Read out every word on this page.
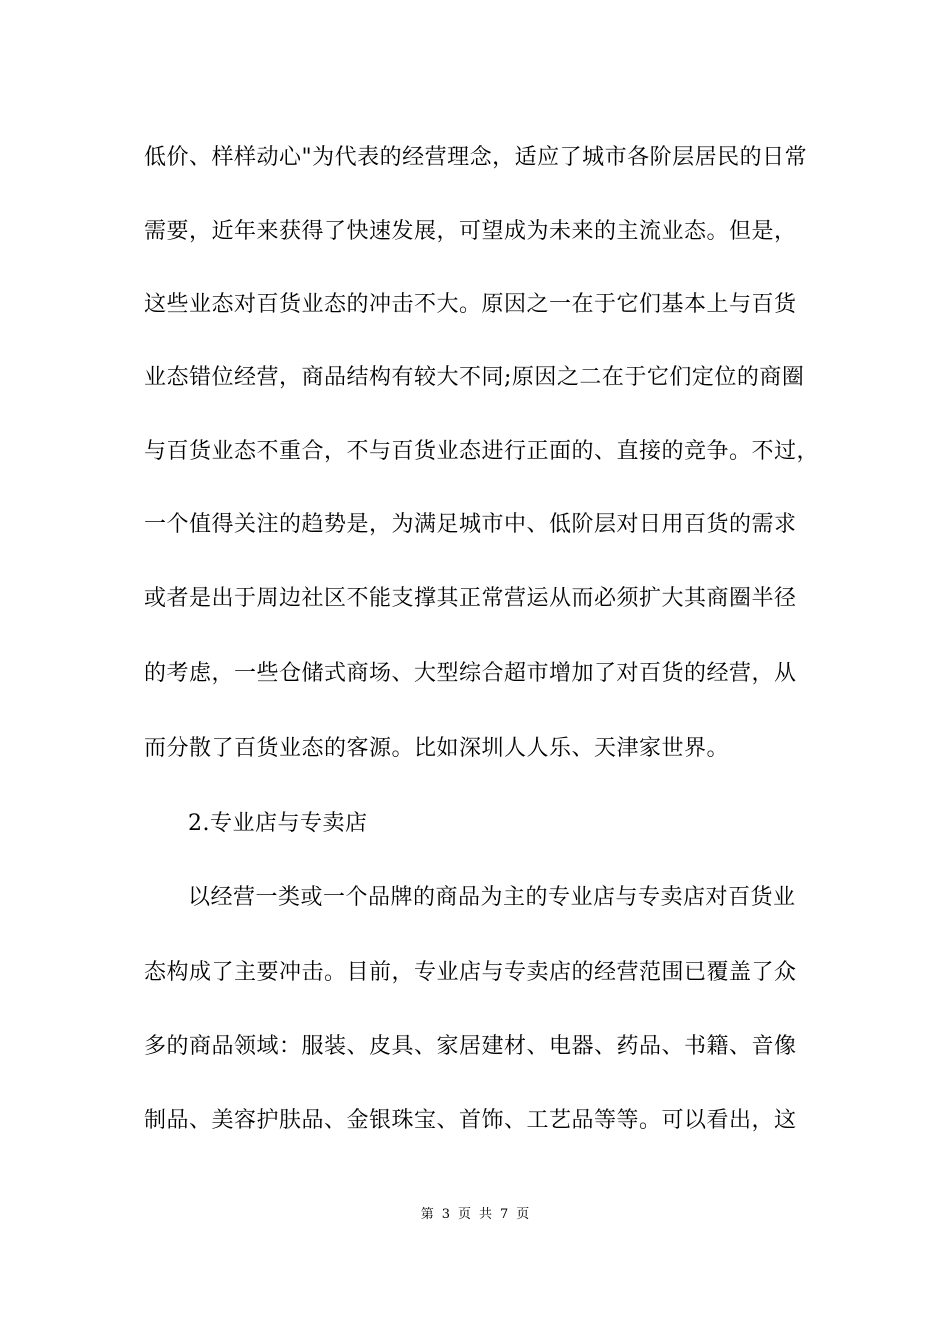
低价、样样动心"为代表的经营理念，适应了城市各阶层居民的日常
需要，近年来获得了快速发展，可望成为未来的主流业态。但是，
这些业态对百货业态的冲击不大。原因之一在于它们基本上与百货
业态错位经营，商品结构有较大不同;原因之二在于它们定位的商圈
与百货业态不重合，不与百货业态进行正面的、直接的竞争。不过，
一个值得关注的趋势是，为满足城市中、低阶层对日用百货的需求
或者是出于周边社区不能支撑其正常营运从而必须扩大其商圈半径
的考虑，一些仓储式商场、大型综合超市增加了对百货的经营，从
而分散了百货业态的客源。比如深圳人人乐、天津家世界。
2.专业店与专卖店
以经营一类或一个品牌的商品为主的专业店与专卖店对百货业
态构成了主要冲击。目前，专业店与专卖店的经营范围已覆盖了众
多的商品领域：服装、皮具、家居建材、电器、药品、书籍、音像
制品、美容护肤品、金银珠宝、首饰、工艺品等等。可以看出，这
第 3 页 共 7 页
